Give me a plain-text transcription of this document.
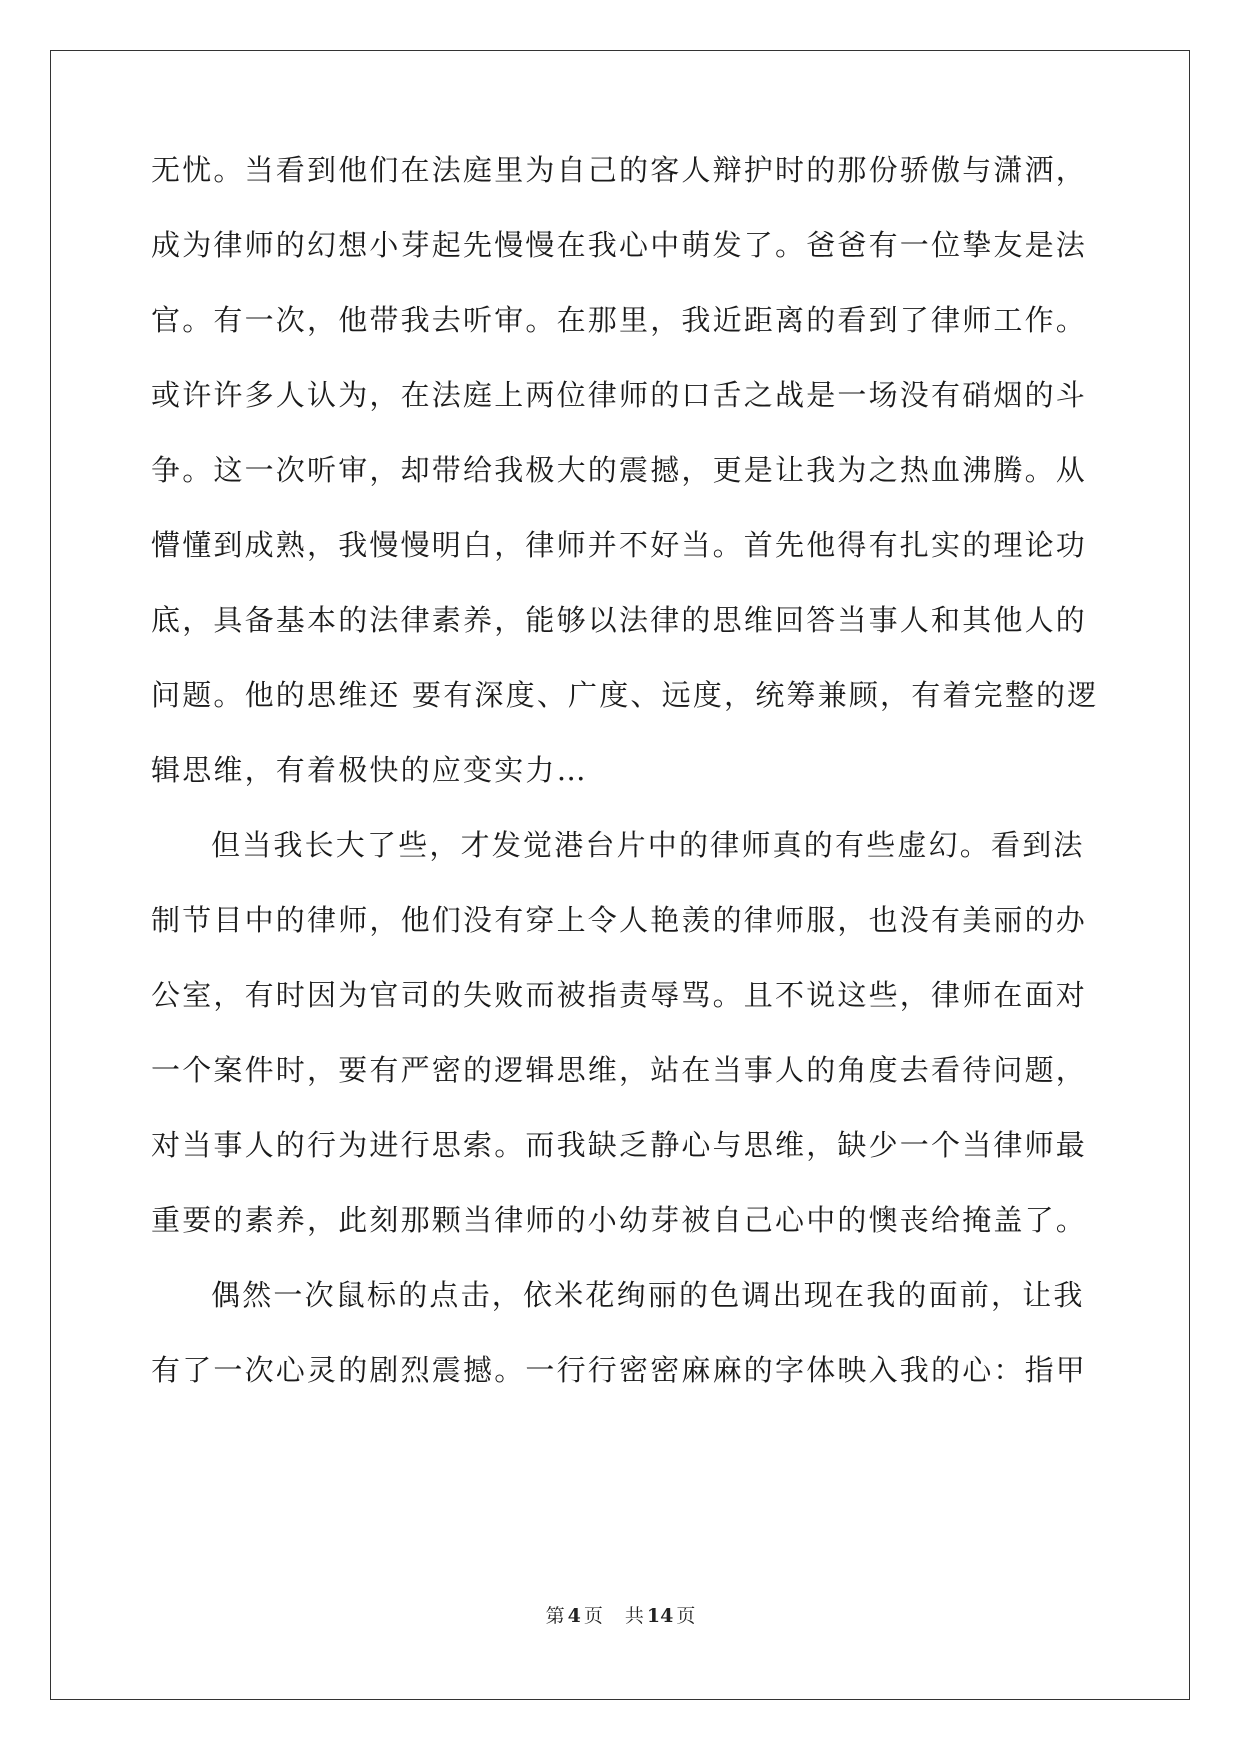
无忧。当看到他们在法庭里为自己的客人辩护时的那份骄傲与潇洒，
成为律师的幻想小芽起先慢慢在我心中萌发了。爸爸有一位挚友是法
官。有一次，他带我去听审。在那里，我近距离的看到了律师工作。
或许许多人认为，在法庭上两位律师的口舌之战是一场没有硝烟的斗
争。这一次听审，却带给我极大的震撼，更是让我为之热血沸腾。从
懵懂到成熟，我慢慢明白，律师并不好当。首先他得有扎实的理论功
底，具备基本的法律素养，能够以法律的思维回答当事人和其他人的
问题。他的思维还 要有深度、广度、远度，统筹兼顾，有着完整的逻
辑思维，有着极快的应变实力…
但当我长大了些，才发觉港台片中的律师真的有些虚幻。看到法
制节目中的律师，他们没有穿上令人艳羡的律师服，也没有美丽的办
公室，有时因为官司的失败而被指责辱骂。且不说这些，律师在面对
一个案件时，要有严密的逻辑思维，站在当事人的角度去看待问题，
对当事人的行为进行思索。而我缺乏静心与思维，缺少一个当律师最
重要的素养，此刻那颗当律师的小幼芽被自己心中的懊丧给掩盖了。
偶然一次鼠标的点击，依米花绚丽的色调出现在我的面前，让我
有了一次心灵的剧烈震撼。一行行密密麻麻的字体映入我的心：指甲
第 4 页 共 14 页
